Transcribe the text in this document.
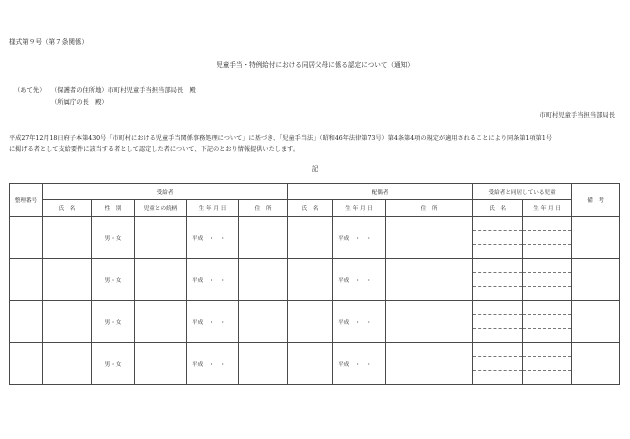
様式第９号（第７条関係）
児童手当・特例給付における同居父母に係る認定について（通知）
（あて先） （保護者の住所地）市町村児童手当担当部局長　殿
（所属庁の長　殿）
市町村児童手当担当部局長
平成27年12月18日府子本第430号「市町村における児童手当関係事務処理について」に基づき、「児童手当法」（昭和46年法律第73号）第4条第4項の規定が適用されることにより同条第1項第1号
に掲げる者として支給要件に該当する者として認定した者について、下記のとおり情報提供いたします。
記
整理番号	受給者					配偶者			受給者と同居している児童		備　考
	氏　名	性　別	児童との続柄	生 年 月 日	住　所	氏　名	生 年 月 日	住　所	氏　名	生 年 月 日	
		男・女		平成　・　・			平成　・　・		

		男・女		平成　・　・			平成　・　・		

		男・女		平成　・　・			平成　・　・		

		男・女		平成　・　・			平成　・　・		
